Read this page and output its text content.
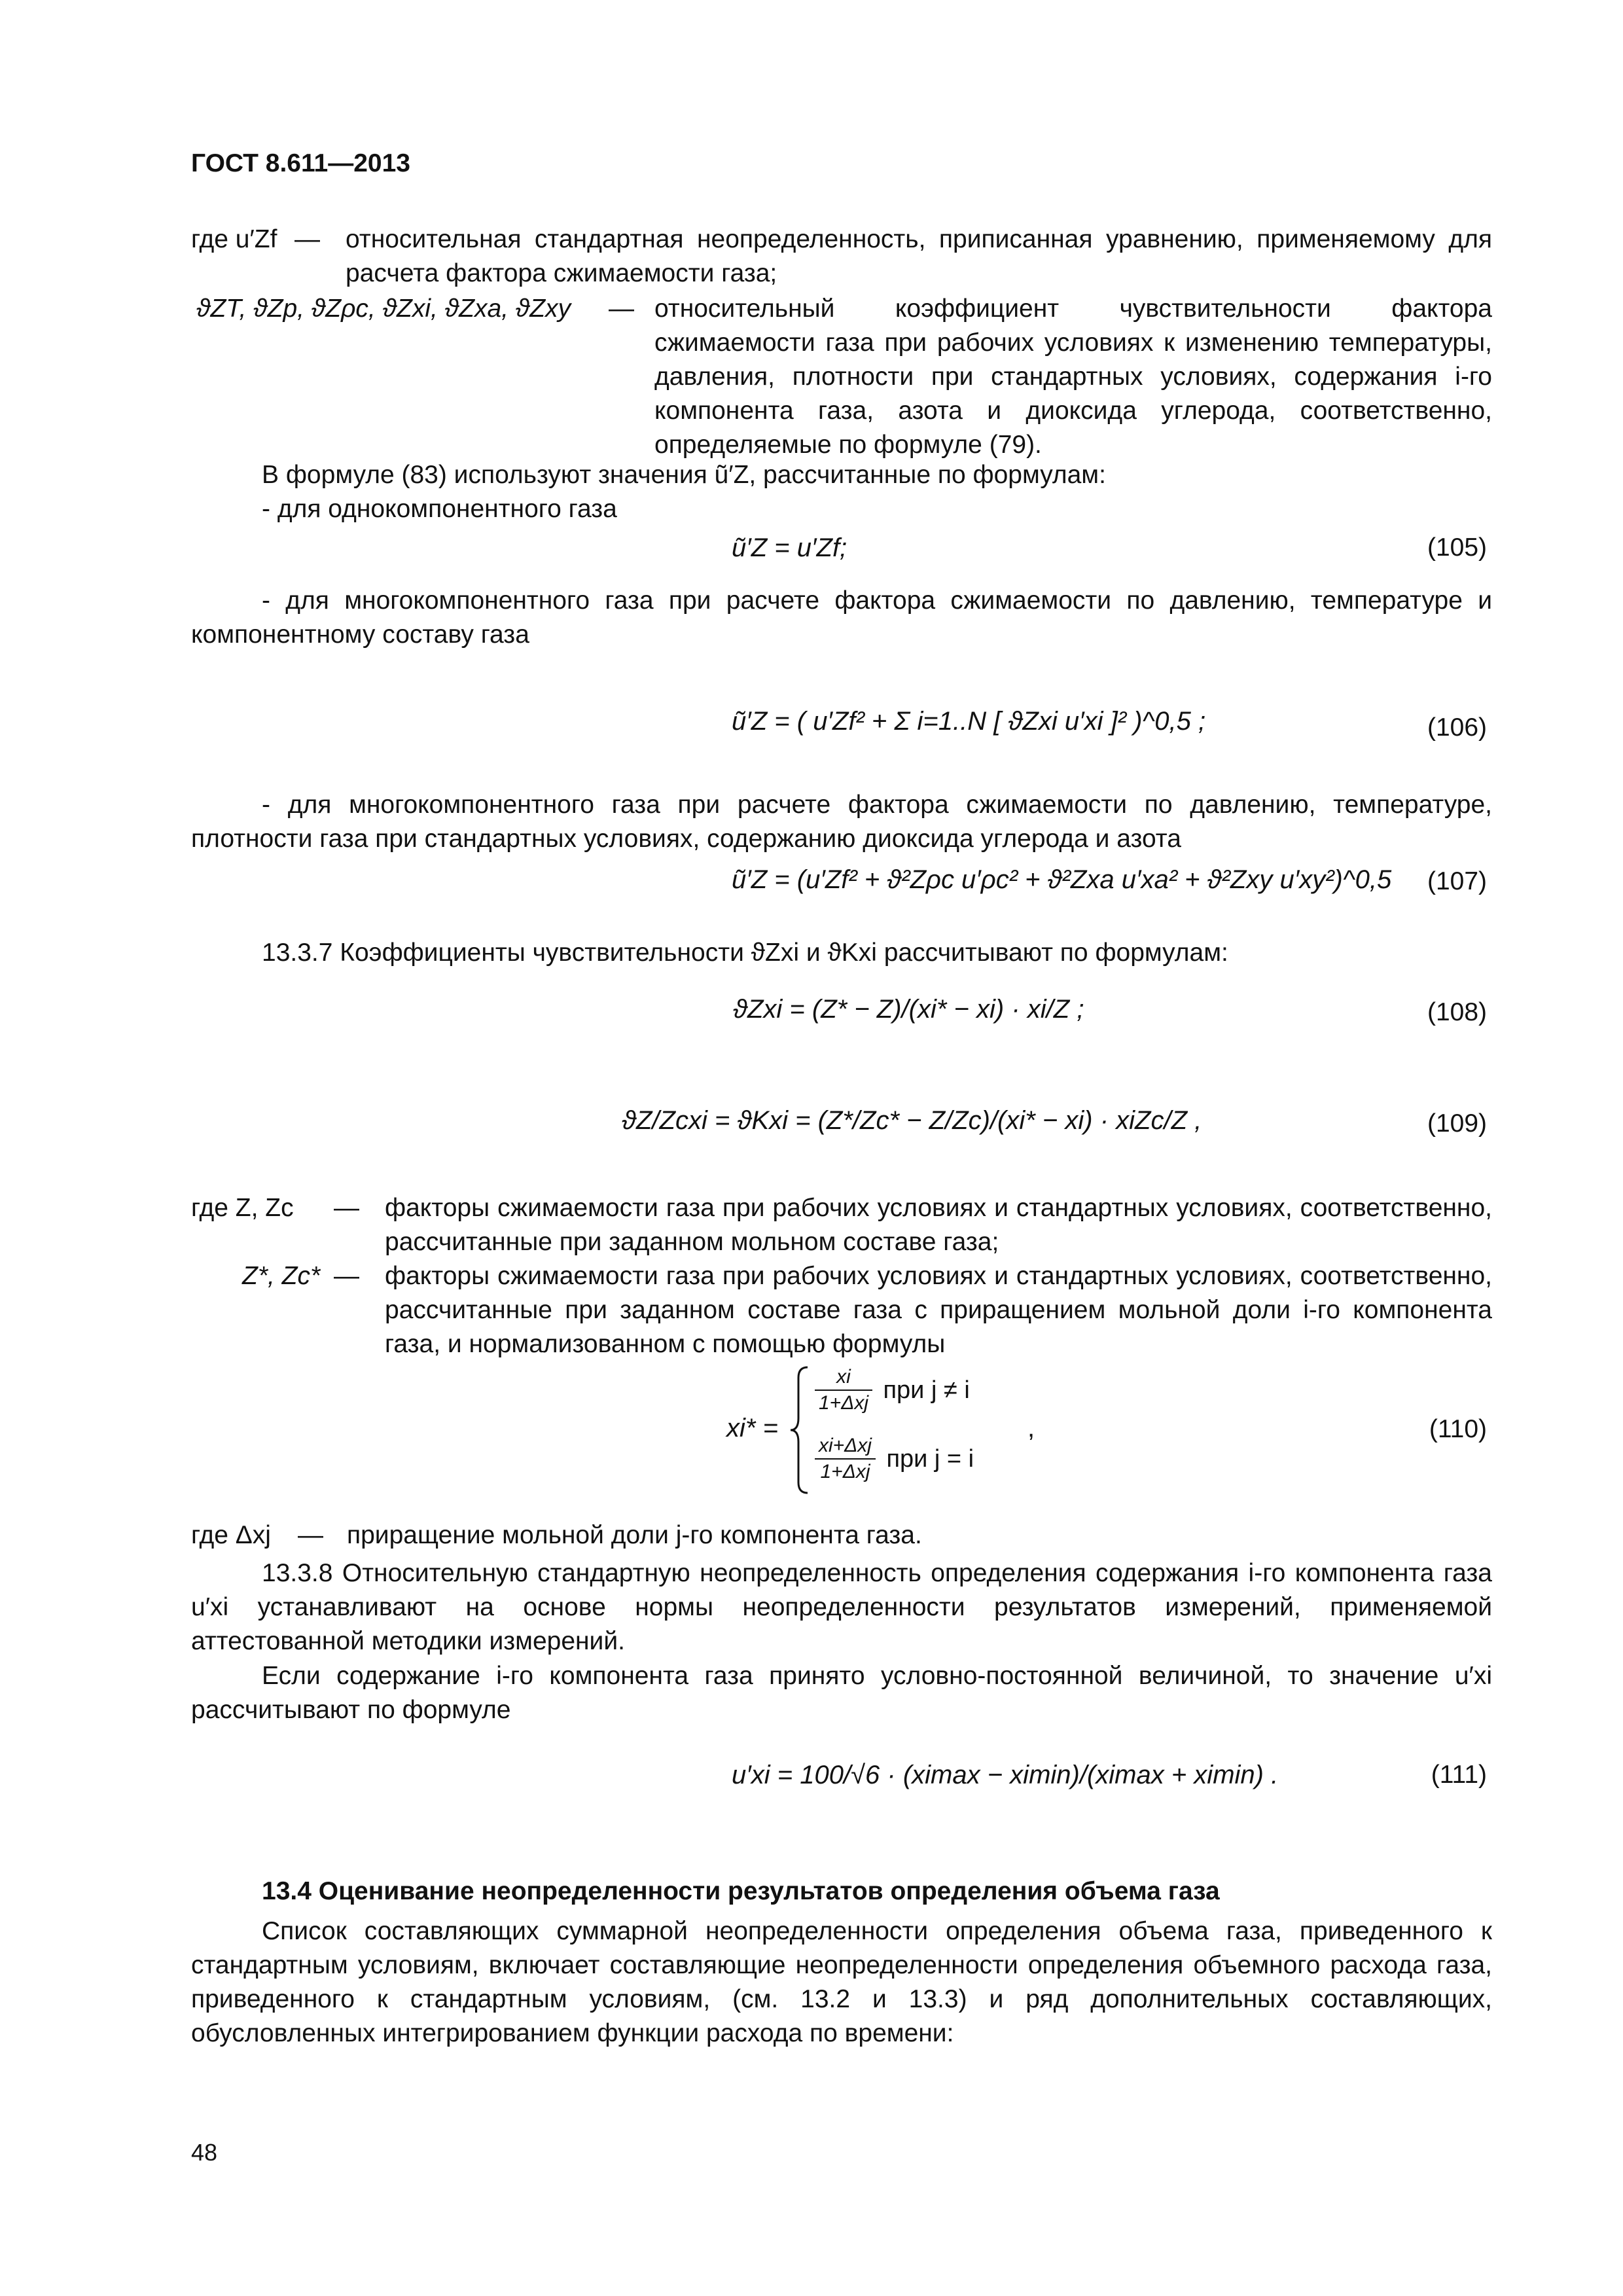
ГОСТ 8.611—2013
где u′Zf — относительная стандартная неопределенность, приписанная уравнению, применяемому для расчета фактора сжимаемости газа;
ϑZT, ϑZp, ϑZρc, ϑZxi, ϑZxa, ϑZxy	— относительный коэффициент чувствительности фактора сжимаемости газа при рабочих условиях к изменению температуры, давления, плотности при стандартных условиях, содержания i-го компонента газа, азота и диоксида углерода, соответственно, определяемые по формуле (79).
В формуле (83) используют значения ũ′Z, рассчитанные по формулам:
- для однокомпонентного газа
ũ′Z = u′Zf;	(105)
- для многокомпонентного газа при расчете фактора сжимаемости по давлению, температуре и компонентному составу газа
ũ′Z = ( u′Zf² + Σ i=1..N [ ϑZxi u′xi ]² )^0,5 ;	(106)
- для многокомпонентного газа при расчете фактора сжимаемости по давлению, температуре, плотности газа при стандартных условиях, содержанию диоксида углерода и азота
ũ′Z = (u′Zf² + ϑ²Zρc u′ρc² + ϑ²Zxa u′xa² + ϑ²Zxy u′xy²)^0,5 (107)
13.3.7 Коэффициенты чувствительности ϑZxi и ϑKxi рассчитывают по формулам:
ϑZxi = (Z* − Z)/(xi* − xi) · xi/Z ;	(108)
ϑZ/Zcxi = ϑKxi = (Z*/Zc* − Z/Zc)/(xi* − xi) · xiZc/Z ,	(109)
где Z, Zc	— факторы сжимаемости газа при рабочих условиях и стандартных условиях, соответственно, рассчитанные при заданном мольном составе газа;
Z*, Zc* — факторы сжимаемости газа при рабочих условиях и стандартных условиях, соответственно, рассчитанные при заданном составе газа с приращением мольной доли i-го компонента газа, и нормализованном с помощью формулы
xi* =
$\frac{xi}{\text{1+Δxj}}$ при j ≠ i
$\frac{\text{xi+Δxj}}{\text{1+Δxj}}$ при j = i
,	(110)
где Δxj	— приращение мольной доли j-го компонента газа.
13.3.8 Относительную стандартную неопределенность определения содержания i-го компонента газа u′xi устанавливают на основе нормы неопределенности результатов измерений, применяемой аттестованной методики измерений.
Если содержание i-го компонента газа принято условно-постоянной величиной, то значение u′xi рассчитывают по формуле
u′xi = 100/√6 · (ximax − ximin)/(ximax + ximin) .	(111)
13.4 Оценивание неопределенности результатов определения объема газа
Список составляющих суммарной неопределенности определения объема газа, приведенного к стандартным условиям, включает составляющие неопределенности определения объемного расхода газа, приведенного к стандартным условиям, (см. 13.2 и 13.3) и ряд дополнительных составляющих, обусловленных интегрированием функции расхода по времени:
48
